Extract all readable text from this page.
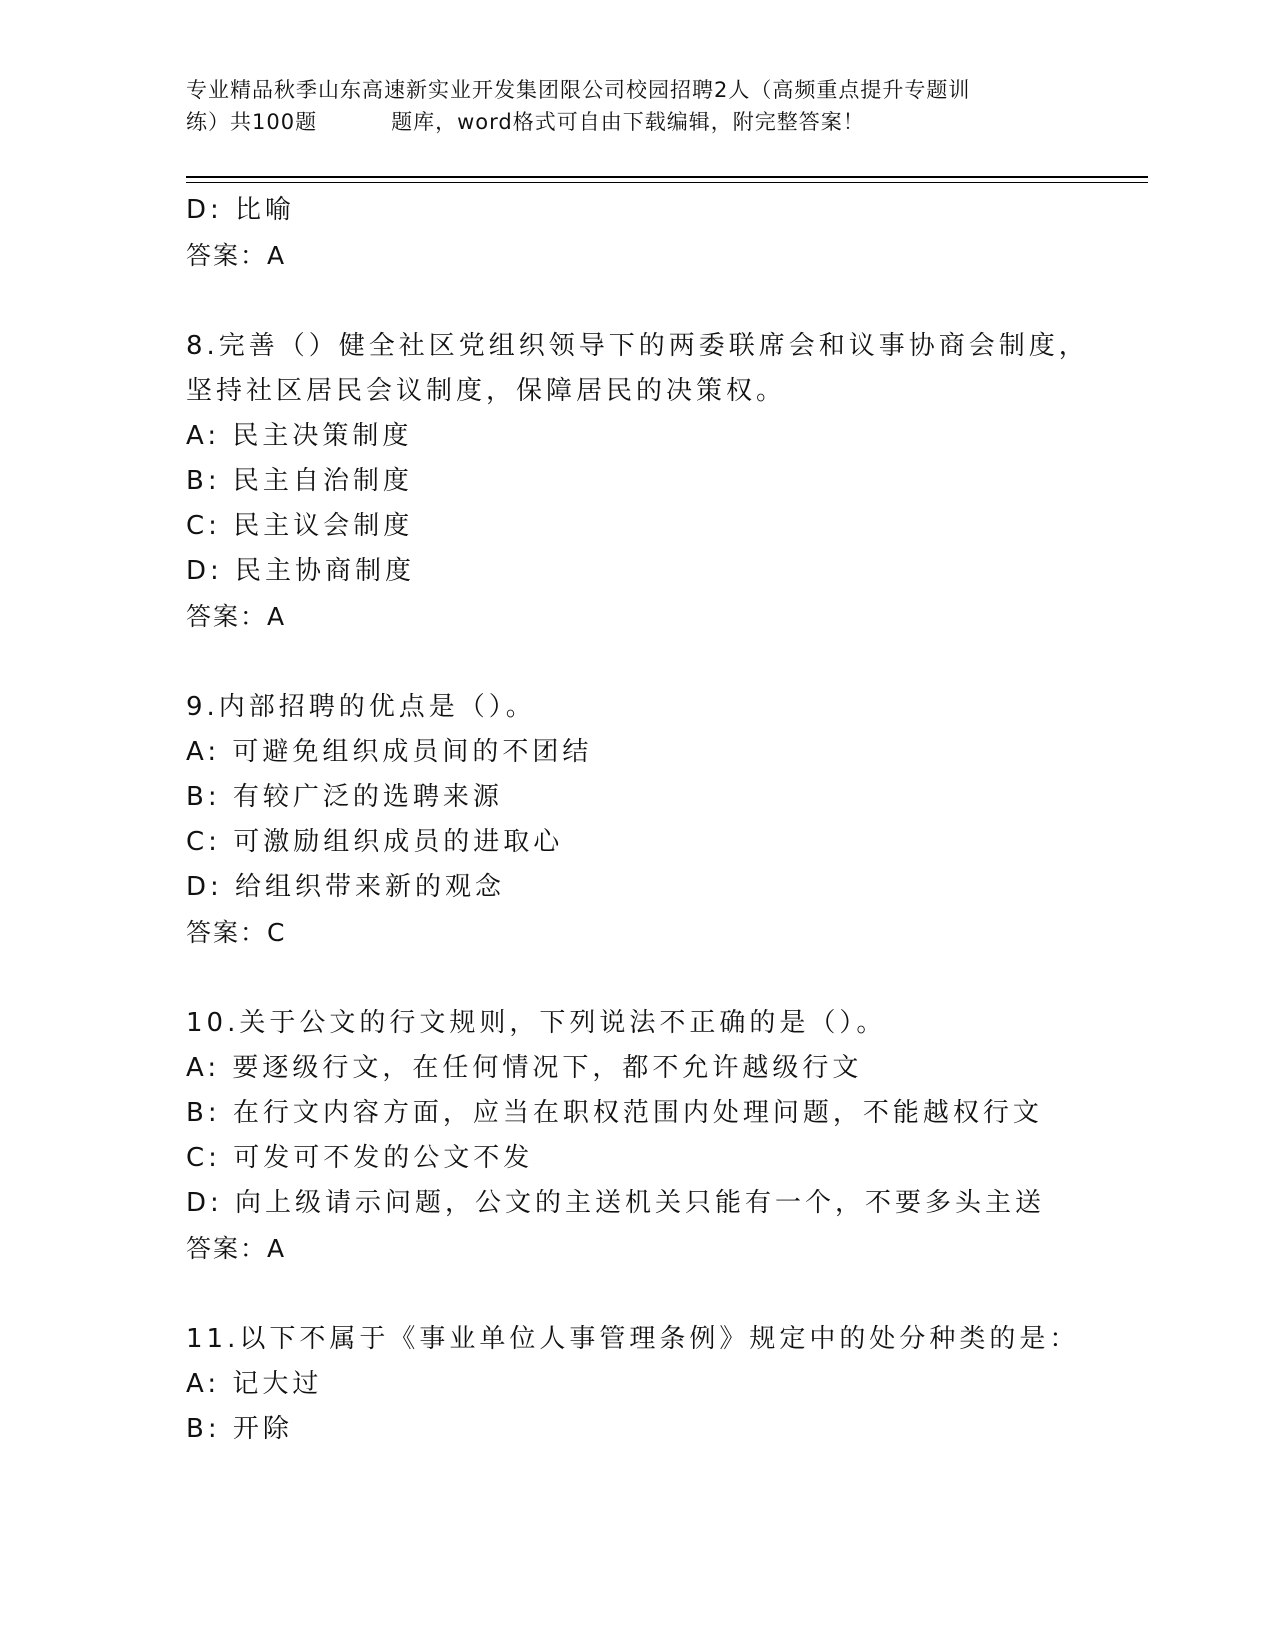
专业精品秋季山东高速新实业开发集团限公司校园招聘2人（高频重点提升专题训
练）共100题	题库，word格式可自由下载编辑，附完整答案！
D: 比喻
答案：A
8.完善（）健全社区党组织领导下的两委联席会和议事协商会制度，
坚持社区居民会议制度，保障居民的决策权。
A: 民主决策制度
B: 民主自治制度
C: 民主议会制度
D: 民主协商制度
答案：A
9.内部招聘的优点是（）。
A: 可避免组织成员间的不团结
B: 有较广泛的选聘来源
C: 可激励组织成员的进取心
D: 给组织带来新的观念
答案：C
10.关于公文的行文规则，下列说法不正确的是（）。
A: 要逐级行文，在任何情况下，都不允许越级行文
B: 在行文内容方面，应当在职权范围内处理问题，不能越权行文
C: 可发可不发的公文不发
D: 向上级请示问题，公文的主送机关只能有一个，不要多头主送
答案：A
11.以下不属于《事业单位人事管理条例》规定中的处分种类的是：
A: 记大过
B: 开除
